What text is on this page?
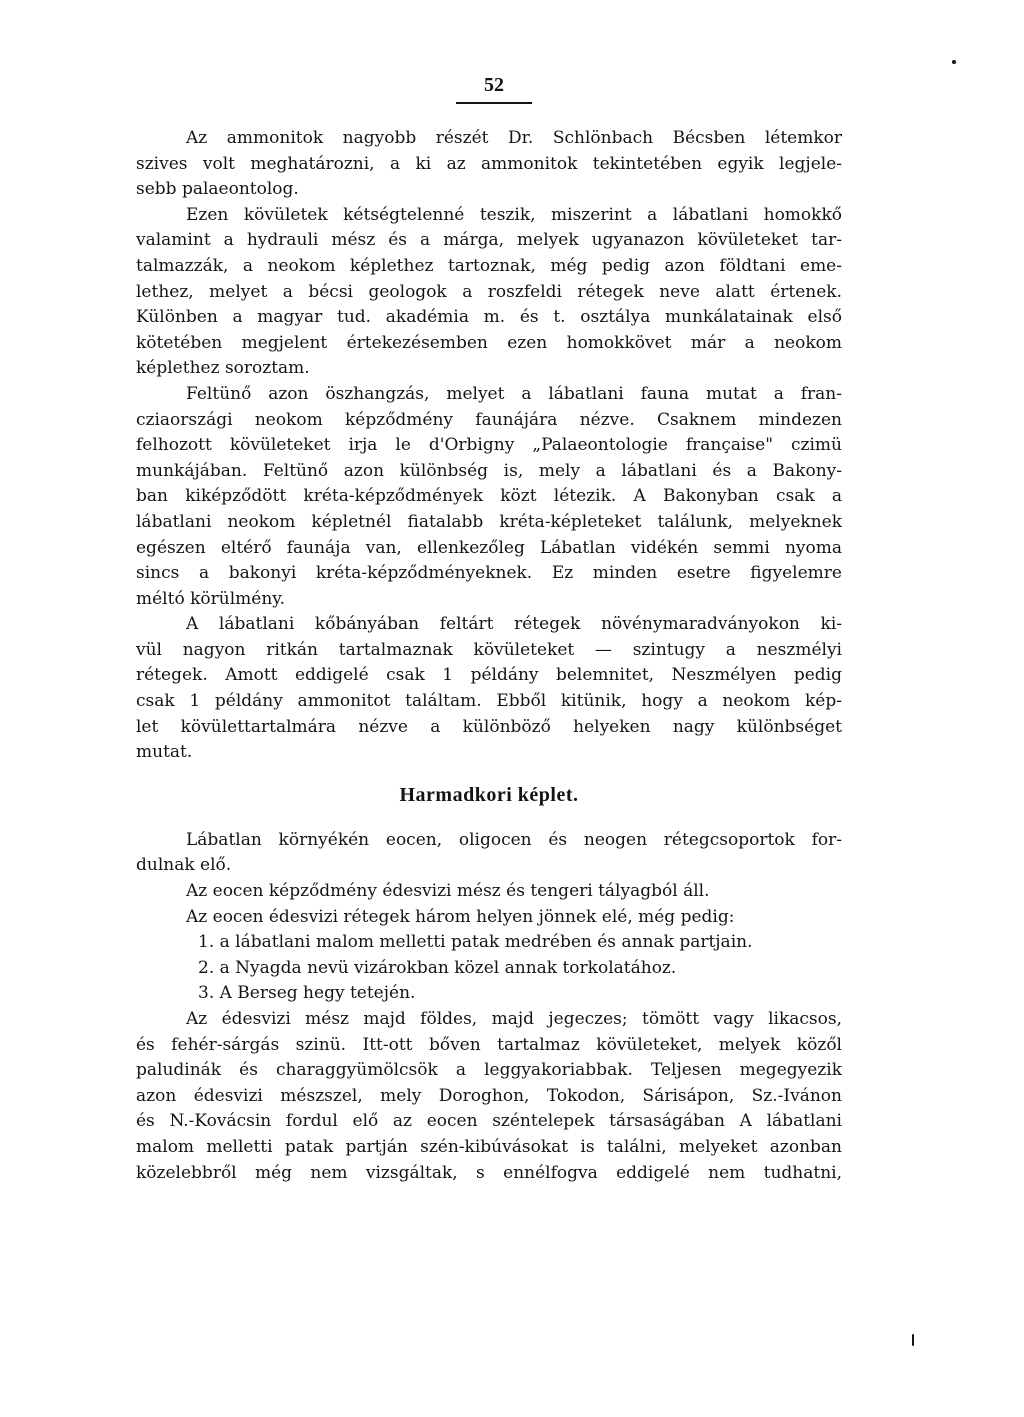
52
Az ammonitok nagyobb részét Dr. Schlönbach Bécsben létemkor
szives volt meghatározni, a ki az ammonitok tekintetében egyik legjele-
sebb palaeontolog.
Ezen kövületek kétségtelenné teszik, miszerint a lábatlani homokkő
valamint a hydrauli mész és a márga, melyek ugyanazon kövületeket tar-
talmazzák, a neokom képlethez tartoznak, még pedig azon földtani eme-
lethez, melyet a bécsi geologok a roszfeldi rétegek neve alatt értenek.
Különben a magyar tud. akadémia m. és t. osztálya munkálatainak első
kötetében megjelent értekezésemben ezen homokkövet már a neokom
képlethez soroztam.
Feltünő azon öszhangzás, melyet a lábatlani fauna mutat a fran-
cziaországi neokom képződmény faunájára nézve. Csaknem mindezen
felhozott kövületeket irja le d'Orbigny „Palaeontologie française" czimü
munkájában. Feltünő azon különbség is, mely a lábatlani és a Bakony-
ban kiképződött kréta-képződmények közt létezik. A Bakonyban csak a
lábatlani neokom képletnél fiatalabb kréta-képleteket találunk, melyeknek
egészen eltérő faunája van, ellenkezőleg Lábatlan vidékén semmi nyoma
sincs a bakonyi kréta-képződményeknek. Ez minden esetre figyelemre
méltó körülmény.
A lábatlani kőbányában feltárt rétegek növénymaradványokon ki-
vül nagyon ritkán tartalmaznak kövületeket — szintugy a neszmélyi
rétegek. Amott eddigelé csak 1 példány belemnitet, Neszmélyen pedig
csak 1 példány ammonitot találtam. Ebből kitünik, hogy a neokom kép-
let kövülettartalmára nézve a különböző helyeken nagy különbséget
mutat.
Harmadkori képlet.
Lábatlan környékén eocen, oligocen és neogen rétegcsoportok for-
dulnak elő.
Az eocen képződmény édesvizi mész és tengeri tályagból áll.
Az eocen édesvizi rétegek három helyen jönnek elé, még pedig:
1. a lábatlani malom melletti patak medrében és annak partjain.
2. a Nyagda nevü vizárokban közel annak torkolatához.
3. A Berseg hegy tetején.
Az édesvizi mész majd földes, majd jegeczes; tömött vagy likacsos,
és fehér-sárgás szinü. Itt-ott bőven tartalmaz kövületeket, melyek közől
paludinák és charaggyümölcsök a leggyakoriabbak. Teljesen megegyezik
azon édesvizi mészszel, mely Doroghon, Tokodon, Sárisápon, Sz.-Ivánon
és N.-Kovácsin fordul elő az eocen széntelepek társaságában A lábatlani
malom melletti patak partján szén-kibúvásokat is találni, melyeket azonban
közelebbről még nem vizsgáltak, s ennélfogva eddigelé nem tudhatni,
